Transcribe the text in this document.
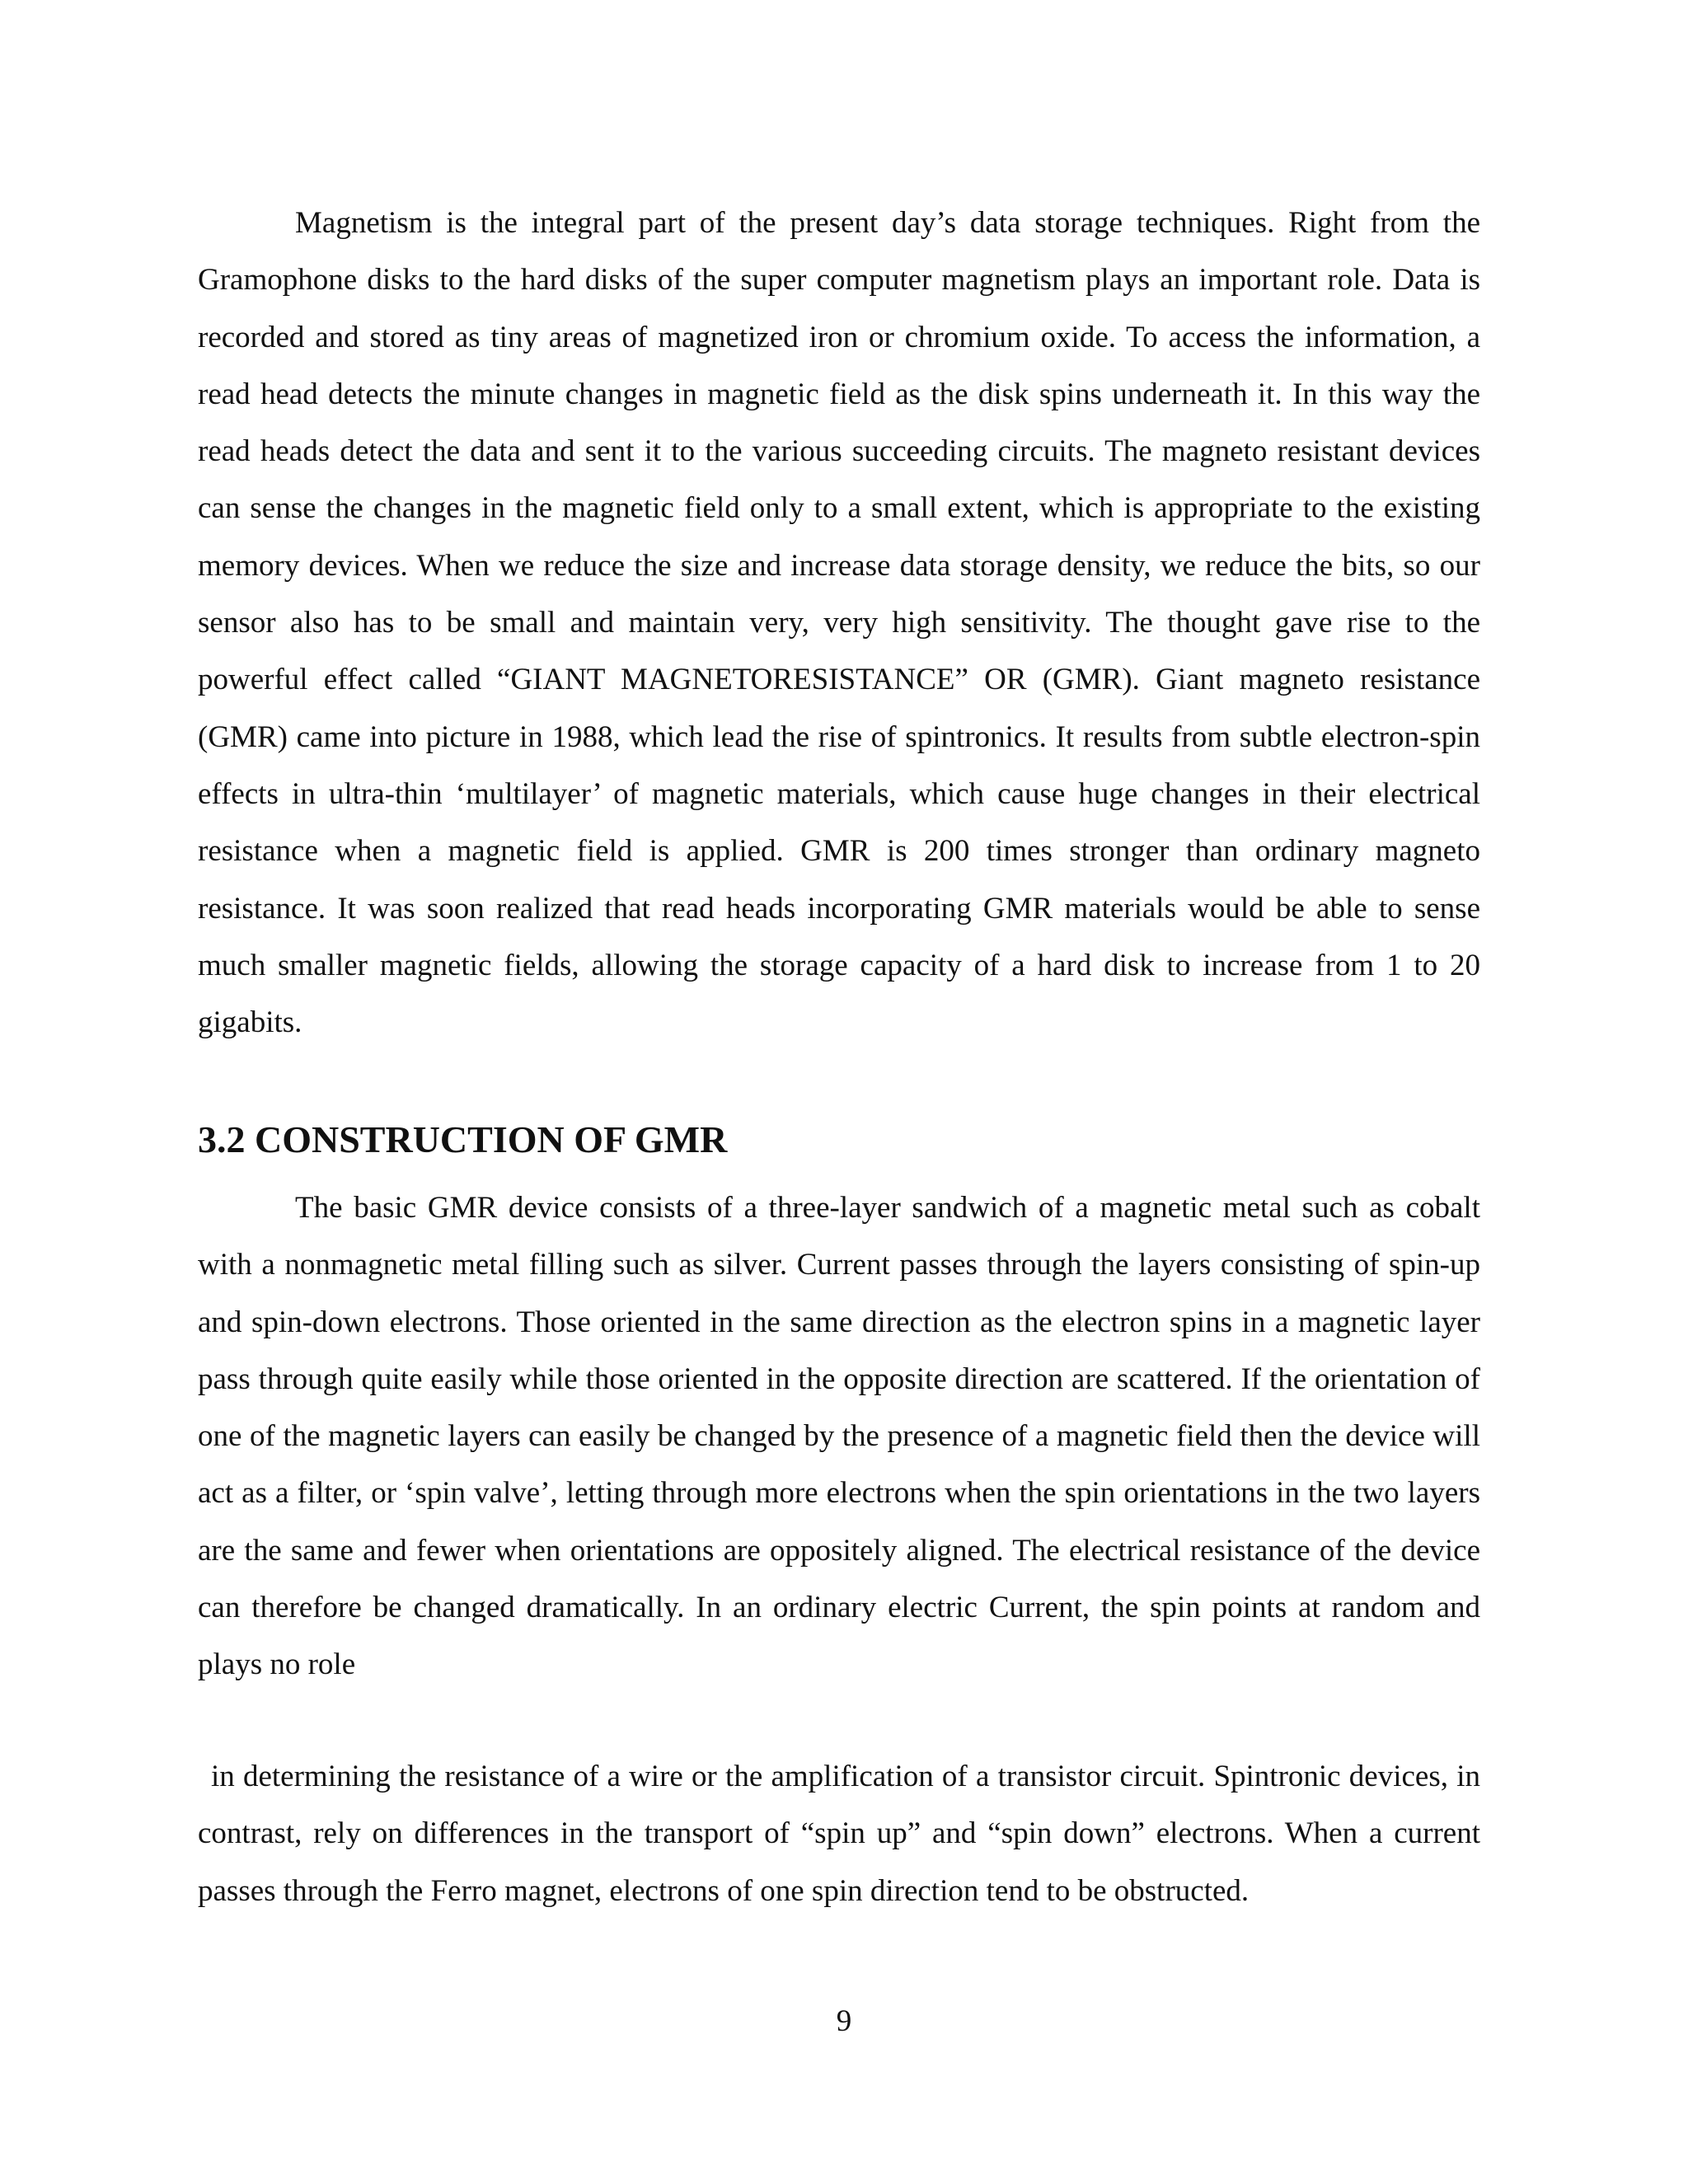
Magnetism is the integral part of the present day’s data storage techniques. Right from the Gramophone disks to the hard disks of the super computer magnetism plays an important role. Data is recorded and stored as tiny areas of magnetized iron or chromium oxide. To access the information, a read head detects the minute changes in magnetic field as the disk spins underneath it. In this way the read heads detect the data and sent it to the various succeeding circuits. The magneto resistant devices can sense the changes in the magnetic field only to a small extent, which is appropriate to the existing memory devices. When we reduce the size and increase data storage density, we reduce the bits, so our sensor also has to be small and maintain very, very high sensitivity. The thought gave rise to the powerful effect called “GIANT MAGNETORESISTANCE” OR (GMR). Giant magneto resistance (GMR) came into picture in 1988, which lead the rise of spintronics. It results from subtle electron-spin effects in ultra-thin ‘multilayer’ of magnetic materials, which cause huge changes in their electrical resistance when a magnetic field is applied. GMR is 200 times stronger than ordinary magneto resistance. It was soon realized that read heads incorporating GMR materials would be able to sense much smaller magnetic fields, allowing the storage capacity of a hard disk to increase from 1 to 20 gigabits.

3.2 CONSTRUCTION OF GMR

The basic GMR device consists of a three-layer sandwich of a magnetic metal such as cobalt with a nonmagnetic metal filling such as silver. Current passes through the layers consisting of spin-up and spin-down electrons. Those oriented in the same direction as the electron spins in a magnetic layer pass through quite easily while those oriented in the opposite direction are scattered. If the orientation of one of the magnetic layers can easily be changed by the presence of a magnetic field then the device will act as a filter, or ‘spin valve’, letting through more electrons when the spin orientations in the two layers are the same and fewer when orientations are oppositely aligned. The electrical resistance of the device can therefore be changed dramatically. In an ordinary electric Current, the spin points at random and plays no role

in determining the resistance of a wire or the amplification of a transistor circuit. Spintronic devices, in contrast, rely on differences in the transport of “spin up” and “spin down” electrons. When a current passes through the Ferro magnet, electrons of one spin direction tend to be obstructed.

9
